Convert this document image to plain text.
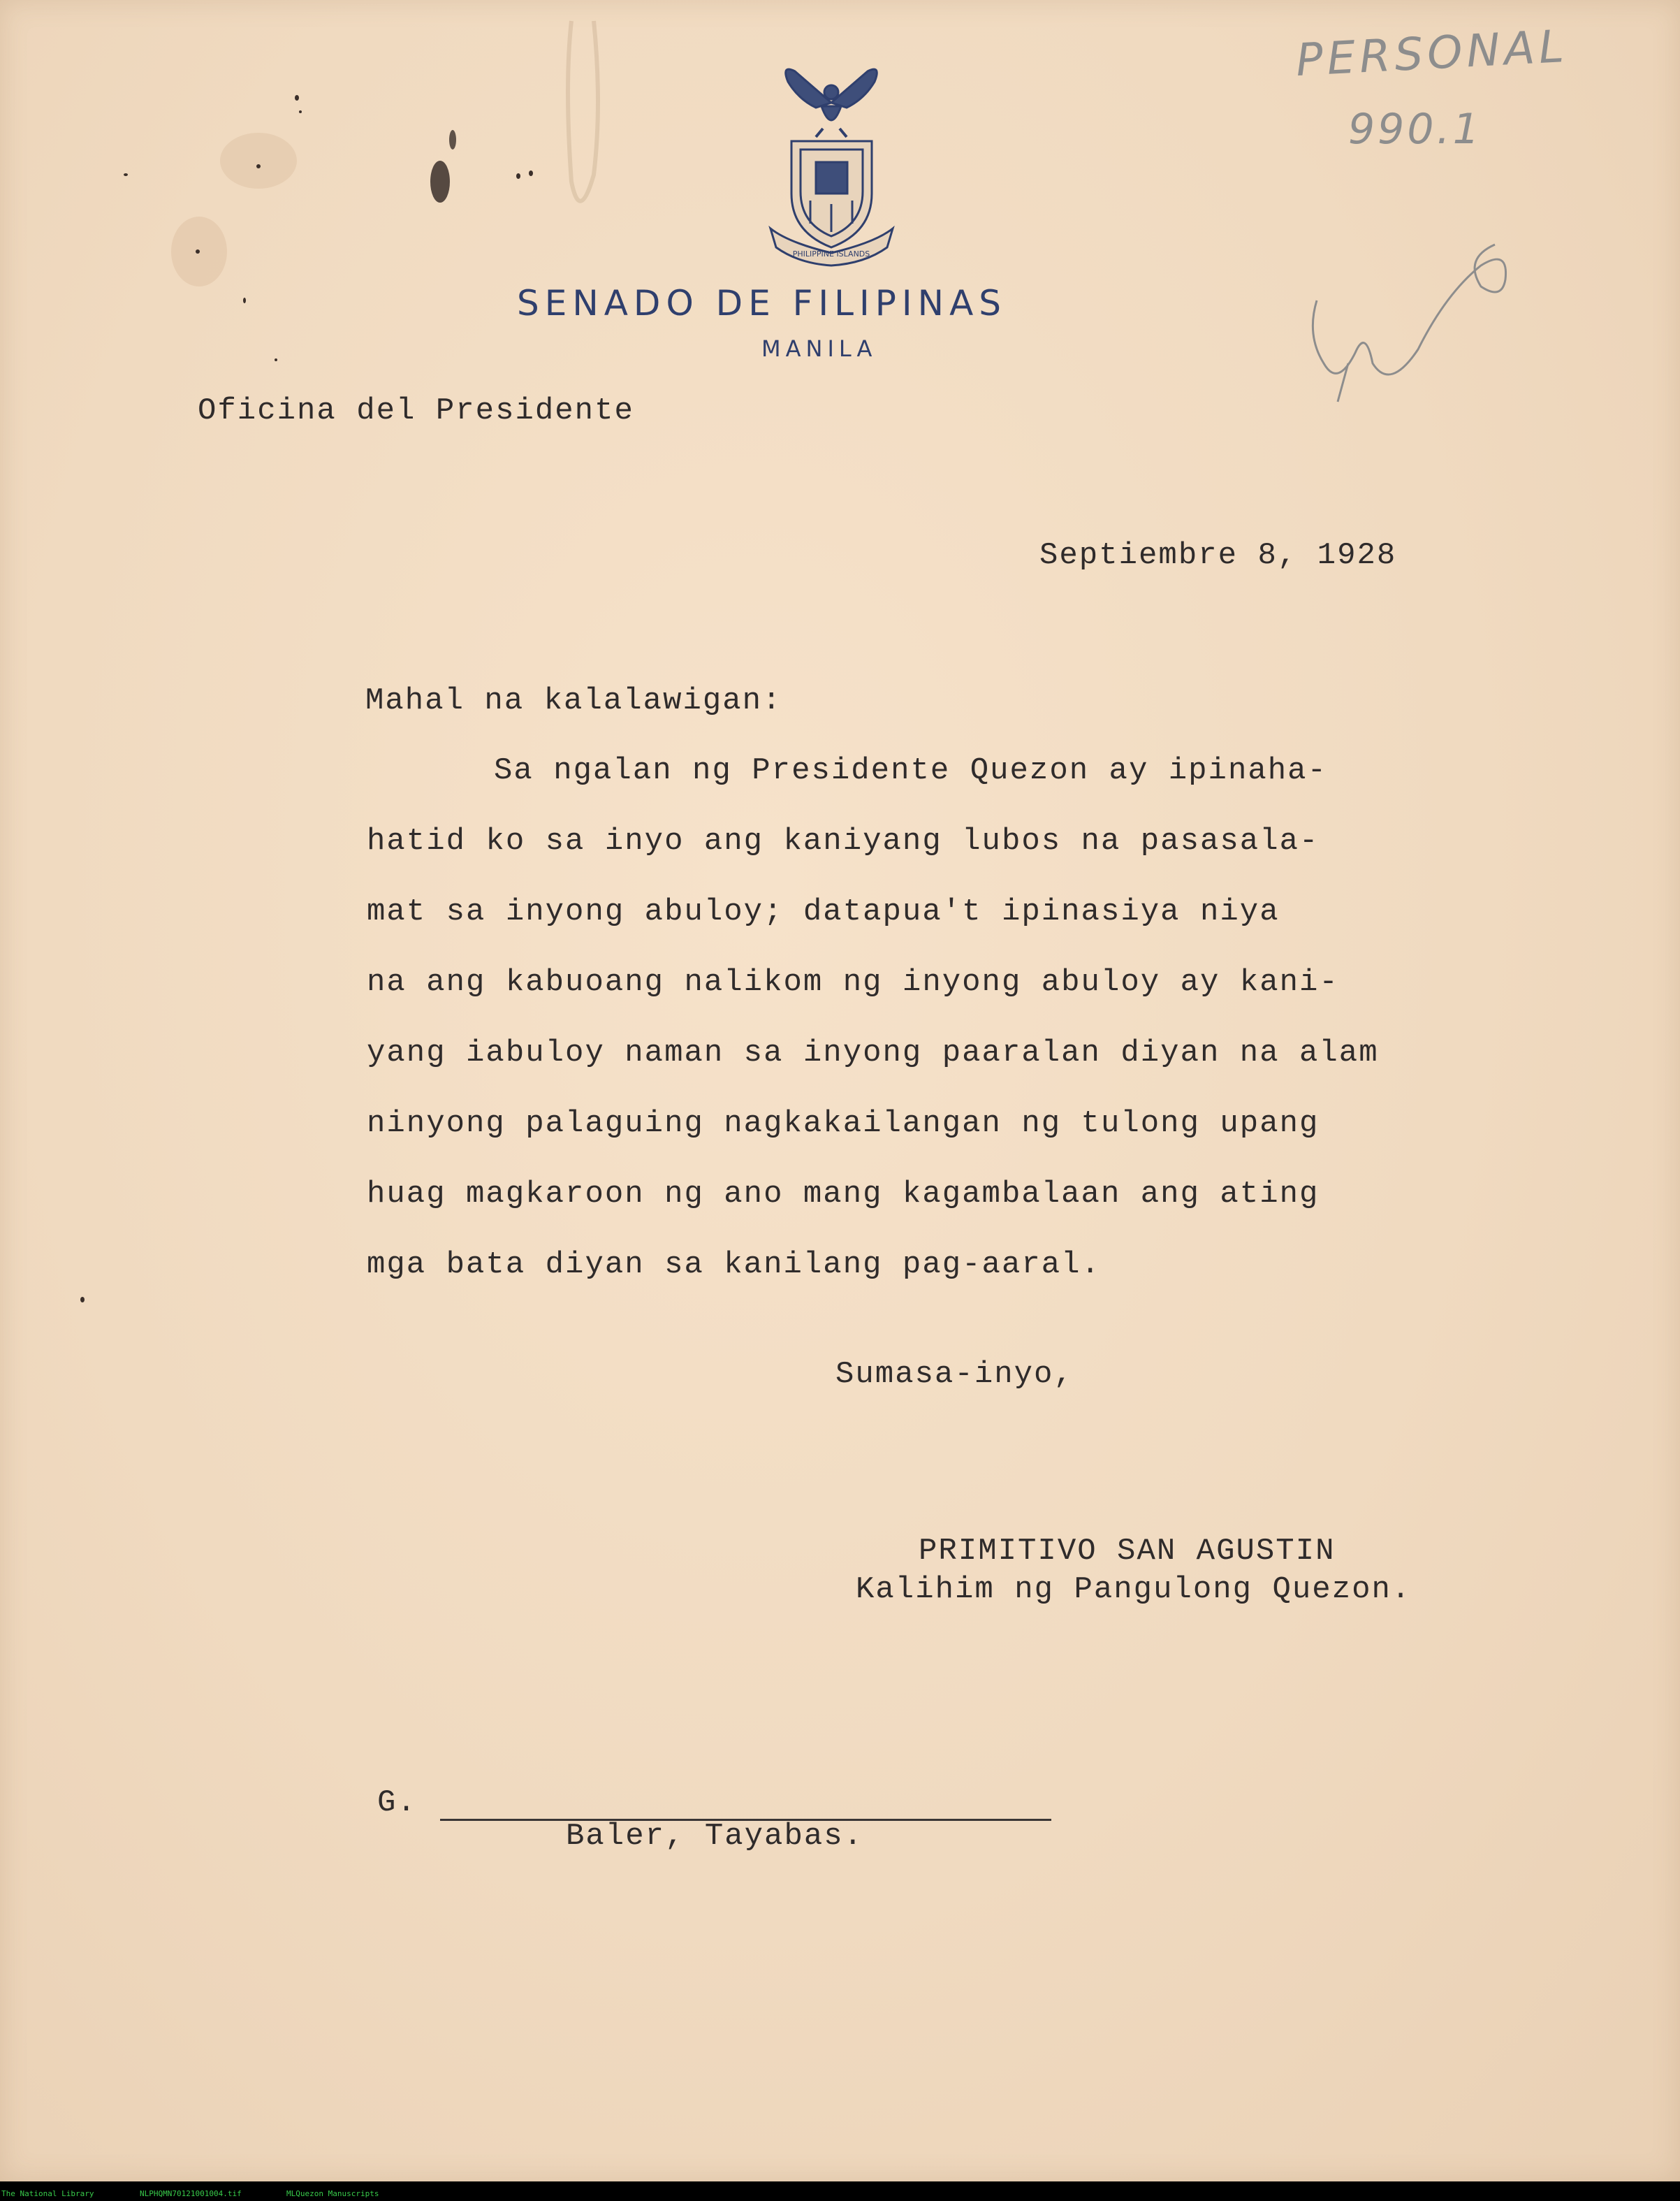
PHILIPPINE ISLANDS
SENADO DE FILIPINAS
MANILA
PERSONAL
990.1
Oficina del Presidente
Septiembre 8, 1928
Mahal na kalalawigan:
Sa ngalan ng Presidente Quezon ay ipinaha-
hatid ko sa inyo ang kaniyang lubos na pasasala-
mat sa inyong abuloy; datapua't ipinasiya niya
na ang kabuoang nalikom ng inyong abuloy ay kani-
yang iabuloy naman sa inyong paaralan diyan na alam
ninyong palaguing nagkakailangan ng tulong upang
huag magkaroon ng ano mang kagambalaan ang ating
mga bata diyan sa kanilang pag-aaral.
Sumasa-inyo,
PRIMITIVO SAN AGUSTIN
Kalihim ng Pangulong Quezon.
G.
Baler, Tayabas.
The National Library	NLPHQMN70121001004.tif	MLQuezon Manuscripts
